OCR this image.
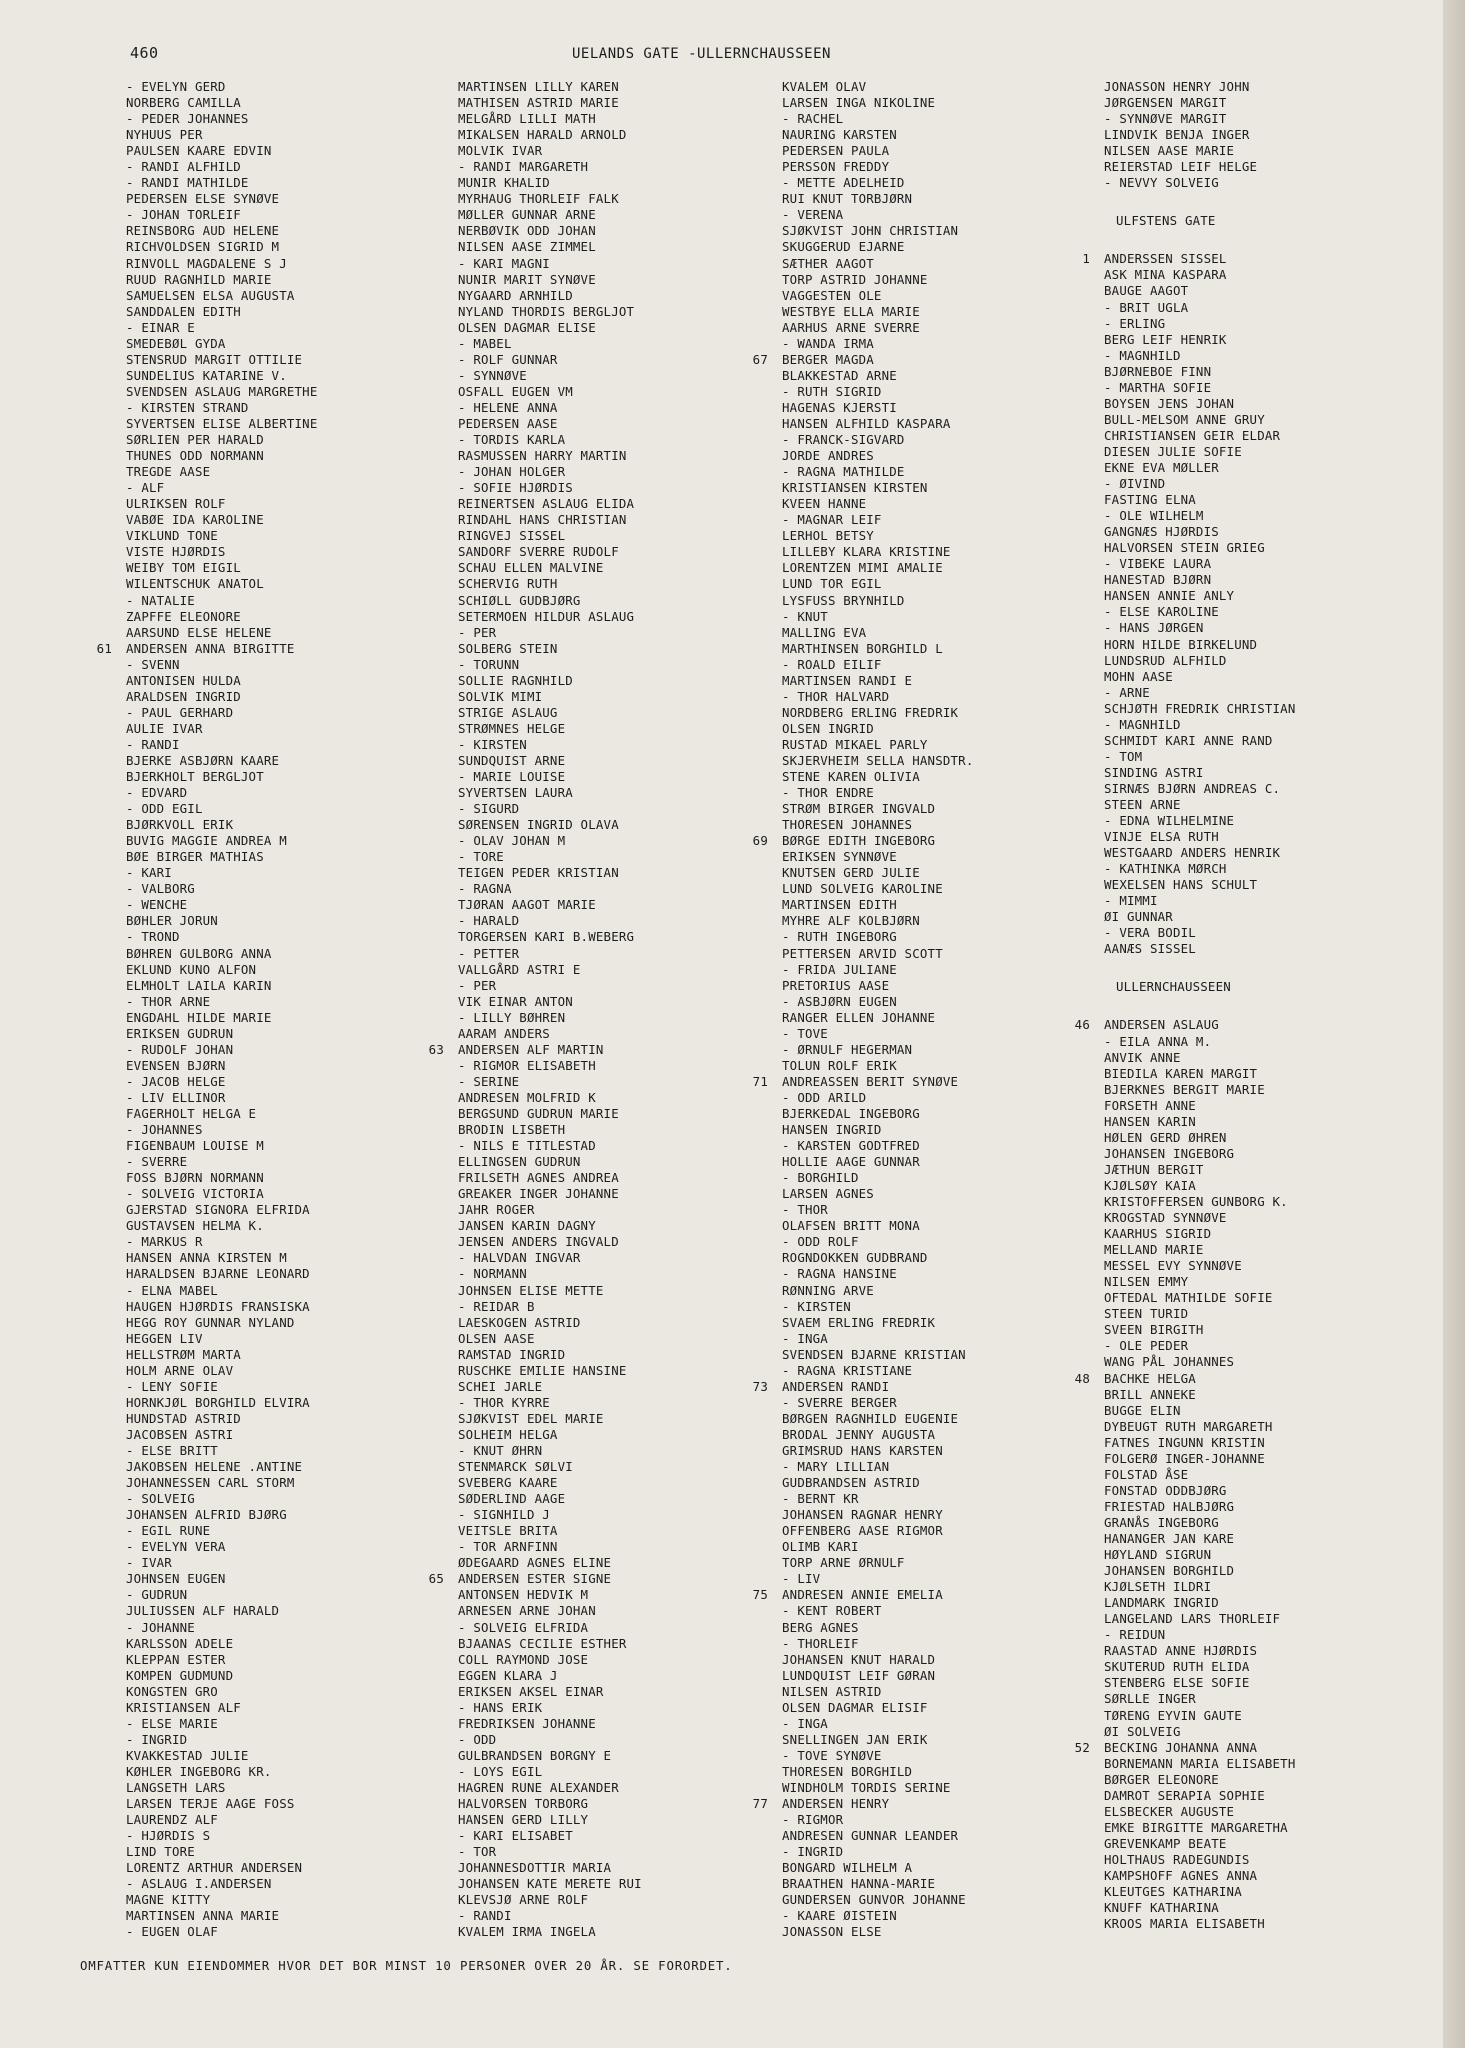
460	UELANDS GATE -ULLERNCHAUSSEEN
- EVELYN GERD
NORBERG CAMILLA
- PEDER JOHANNES
NYHUUS PER
PAULSEN KAARE EDVIN
- RANDI ALFHILD
- RANDI MATHILDE
PEDERSEN ELSE SYNØVE
- JOHAN TORLEIF
REINSBORG AUD HELENE
RICHVOLDSEN SIGRID M
RINVOLL MAGDALENE S J
RUUD RAGNHILD MARIE
SAMUELSEN ELSA AUGUSTA
SANDDALEN EDITH
- EINAR E
SMEDEBØL GYDA
STENSRUD MARGIT OTTILIE
SUNDELIUS KATARINE V.
SVENDSEN ASLAUG MARGRETHE
- KIRSTEN STRAND
SYVERTSEN ELISE ALBERTINE
SØRLIEN PER HARALD
THUNES ODD NORMANN
TREGDE AASE
- ALF
ULRIKSEN ROLF
VABØE IDA KAROLINE
VIKLUND TONE
VISTE HJØRDIS
WEIBY TOM EIGIL
WILENTSCHUK ANATOL
- NATALIE
ZAPFFE ELEONORE
AARSUND ELSE HELENE
61 ANDERSEN ANNA BIRGITTE
- SVENN
ANTONISEN HULDA
ARALDSEN INGRID
- PAUL GERHARD
AULIE IVAR
- RANDI
BJERKE ASBJØRN KAARE
BJERKHOLT BERGLJOT
- EDVARD
- ODD EGIL
BJØRKVOLL ERIK
BUVIG MAGGIE ANDREA M
BØE BIRGER MATHIAS
- KARI
- VALBORG
- WENCHE
BØHLER JORUN
- TROND
BØHREN GULBORG ANNA
EKLUND KUNO ALFON
ELMHOLT LAILA KARIN
- THOR ARNE
ENGDAHL HILDE MARIE
ERIKSEN GUDRUN
- RUDOLF JOHAN
EVENSEN BJØRN
- JACOB HELGE
- LIV ELLINOR
FAGERHOLT HELGA E
- JOHANNES
FIGENBAUM LOUISE M
- SVERRE
FOSS BJØRN NORMANN
- SOLVEIG VICTORIA
GJERSTAD SIGNORA ELFRIDA
GUSTAVSEN HELMA K.
- MARKUS R
HANSEN ANNA KIRSTEN M
HARALDSEN BJARNE LEONARD
- ELNA MABEL
HAUGEN HJØRDIS FRANSISKA
HEGG ROY GUNNAR NYLAND
HEGGEN LIV
HELLSTRØM MARTA
HOLM ARNE OLAV
- LENY SOFIE
HORNKJØL BORGHILD ELVIRA
HUNDSTAD ASTRID
JACOBSEN ASTRI
- ELSE BRITT
JAKOBSEN HELENE .ANTINE
JOHANNESSEN CARL STORM
- SOLVEIG
JOHANSEN ALFRID BJØRG
- EGIL RUNE
- EVELYN VERA
- IVAR
JOHNSEN EUGEN
- GUDRUN
JULIUSSEN ALF HARALD
- JOHANNE
KARLSSON ADELE
KLEPPAN ESTER
KOMPEN GUDMUND
KONGSTEN GRO
KRISTIANSEN ALF
- ELSE MARIE
- INGRID
KVAKKESTAD JULIE
KØHLER INGEBORG KR.
LANGSETH LARS
LARSEN TERJE AAGE FOSS
LAURENDZ ALF
- HJØRDIS S
LIND TORE
LORENTZ ARTHUR ANDERSEN
- ASLAUG I.ANDERSEN
MAGNE KITTY
MARTINSEN ANNA MARIE
- EUGEN OLAF
MARTINSEN LILLY KAREN
MATHISEN ASTRID MARIE
MELGÅRD LILLI MATH
MIKALSEN HARALD ARNOLD
MOLVIK IVAR
- RANDI MARGARETH
MUNIR KHALID
MYRHAUG THORLEIF FALK
MØLLER GUNNAR ARNE
NERBØVIK ODD JOHAN
NILSEN AASE ZIMMEL
- KARI MAGNI
NUNIR MARIT SYNØVE
NYGAARD ARNHILD
NYLAND THORDIS BERGLJOT
OLSEN DAGMAR ELISE
- MABEL
- ROLF GUNNAR
- SYNNØVE
OSFALL EUGEN VM
- HELENE ANNA
PEDERSEN AASE
- TORDIS KARLA
RASMUSSEN HARRY MARTIN
- JOHAN HOLGER
- SOFIE HJØRDIS
REINERTSEN ASLAUG ELIDA
RINDAHL HANS CHRISTIAN
RINGVEJ SISSEL
SANDORF SVERRE RUDOLF
SCHAU ELLEN MALVINE
SCHERVIG RUTH
SCHIØLL GUDBJØRG
SETERMOEN HILDUR ASLAUG
- PER
SOLBERG STEIN
- TORUNN
SOLLIE RAGNHILD
SOLVIK MIMI
STRIGE ASLAUG
STRØMNES HELGE
- KIRSTEN
SUNDQUIST ARNE
- MARIE LOUISE
SYVERTSEN LAURA
- SIGURD
SØRENSEN INGRID OLAVA
- OLAV JOHAN M
- TORE
TEIGEN PEDER KRISTIAN
- RAGNA
TJØRAN AAGOT MARIE
- HARALD
TORGERSEN KARI B.WEBERG
- PETTER
VALLGÅRD ASTRI E
- PER
VIK EINAR ANTON
- LILLY BØHREN
AARAM ANDERS
63 ANDERSEN ALF MARTIN
- RIGMOR ELISABETH
- SERINE
ANDRESEN MOLFRID K
BERGSUND GUDRUN MARIE
BRODIN LISBETH
- NILS E TITLESTAD
ELLINGSEN GUDRUN
FRILSETH AGNES ANDREA
GREAKER INGER JOHANNE
JAHR ROGER
JANSEN KARIN DAGNY
JENSEN ANDERS INGVALD
- HALVDAN INGVAR
- NORMANN
JOHNSEN ELISE METTE
- REIDAR B
LAESKOGEN ASTRID
OLSEN AASE
RAMSTAD INGRID
RUSCHKE EMILIE HANSINE
SCHEI JARLE
- THOR KYRRE
SJØKVIST EDEL MARIE
SOLHEIM HELGA
- KNUT ØHRN
STENMARCK SØLVI
SVEBERG KAARE
SØDERLIND AAGE
- SIGNHILD J
VEITSLE BRITA
- TOR ARNFINN
ØDEGAARD AGNES ELINE
65 ANDERSEN ESTER SIGNE
ANTONSEN HEDVIK M
ARNESEN ARNE JOHAN
- SOLVEIG ELFRIDA
BJAANAS CECILIE ESTHER
COLL RAYMOND JOSE
EGGEN KLARA J
ERIKSEN AKSEL EINAR
- HANS ERIK
FREDRIKSEN JOHANNE
- ODD
GULBRANDSEN BORGNY E
- LOYS EGIL
HAGREN RUNE ALEXANDER
HALVORSEN TORBORG
HANSEN GERD LILLY
- KARI ELISABET
- TOR
JOHANNESDOTTIR MARIA
JOHANSEN KATE MERETE RUI
KLEVSJØ ARNE ROLF
- RANDI
KVALEM IRMA INGELA
KVALEM OLAV
LARSEN INGA NIKOLINE
- RACHEL
NAURING KARSTEN
PEDERSEN PAULA
PERSSON FREDDY
- METTE ADELHEID
RUI KNUT TORBJØRN
- VERENA
SJØKVIST JOHN CHRISTIAN
SKUGGERUD EJARNE
SÆTHER AAGOT
TORP ASTRID JOHANNE
VAGGESTEN OLE
WESTBYE ELLA MARIE
AARHUS ARNE SVERRE
- WANDA IRMA
67 BERGER MAGDA
BLAKKESTAD ARNE
- RUTH SIGRID
HAGENAS KJERSTI
HANSEN ALFHILD KASPARA
- FRANCK-SIGVARD
JORDE ANDRES
- RAGNA MATHILDE
KRISTIANSEN KIRSTEN
KVEEN HANNE
- MAGNAR LEIF
LERHOL BETSY
LILLEBY KLARA KRISTINE
LORENTZEN MIMI AMALIE
LUND TOR EGIL
LYSFUSS BRYNHILD
- KNUT
MALLING EVA
MARTHINSEN BORGHILD L
- ROALD EILIF
MARTINSEN RANDI E
- THOR HALVARD
NORDBERG ERLING FREDRIK
OLSEN INGRID
RUSTAD MIKAEL PARLY
SKJERVHEIM SELLA HANSDTR.
STENE KAREN OLIVIA
- THOR ENDRE
STRØM BIRGER INGVALD
THORESEN JOHANNES
69 BØRGE EDITH INGEBORG
ERIKSEN SYNNØVE
KNUTSEN GERD JULIE
LUND SOLVEIG KAROLINE
MARTINSEN EDITH
MYHRE ALF KOLBJØRN
- RUTH INGEBORG
PETTERSEN ARVID SCOTT
- FRIDA JULIANE
PRETORIUS AASE
- ASBJØRN EUGEN
RANGER ELLEN JOHANNE
- TOVE
- ØRNULF HEGERMAN
TOLUN ROLF ERIK
71 ANDREASSEN BERIT SYNØVE
- ODD ARILD
BJERKEDAL INGEBORG
HANSEN INGRID
- KARSTEN GODTFRED
HOLLIE AAGE GUNNAR
- BORGHILD
LARSEN AGNES
- THOR
OLAFSEN BRITT MONA
- ODD ROLF
ROGNDOKKEN GUDBRAND
- RAGNA HANSINE
RØNNING ARVE
- KIRSTEN
SVAEM ERLING FREDRIK
- INGA
SVENDSEN BJARNE KRISTIAN
- RAGNA KRISTIANE
73 ANDERSEN RANDI
- SVERRE BERGER
BØRGEN RAGNHILD EUGENIE
BRODAL JENNY AUGUSTA
GRIMSRUD HANS KARSTEN
- MARY LILLIAN
GUDBRANDSEN ASTRID
- BERNT KR
JOHANSEN RAGNAR HENRY
OFFENBERG AASE RIGMOR
OLIMB KARI
TORP ARNE ØRNULF
- LIV
75 ANDRESEN ANNIE EMELIA
- KENT ROBERT
BERG AGNES
- THORLEIF
JOHANSEN KNUT HARALD
LUNDQUIST LEIF GØRAN
NILSEN ASTRID
OLSEN DAGMAR ELISIF
- INGA
SNELLINGEN JAN ERIK
- TOVE SYNØVE
THORESEN BORGHILD
WINDHOLM TORDIS SERINE
77 ANDERSEN HENRY
- RIGMOR
ANDRESEN GUNNAR LEANDER
- INGRID
BONGARD WILHELM A
BRAATHEN HANNA-MARIE
GUNDERSEN GUNVOR JOHANNE
- KAARE ØISTEIN
JONASSON ELSE
JONASSON HENRY JOHN
JØRGENSEN MARGIT
- SYNNØVE MARGIT
LINDVIK BENJA INGER
NILSEN AASE MARIE
REIERSTAD LEIF HELGE
- NEVVY SOLVEIG
ULFSTENS GATE
1 ANDERSSEN SISSEL
ASK MINA KASPARA
BAUGE AAGOT
- BRIT UGLA
- ERLING
BERG LEIF HENRIK
- MAGNHILD
BJØRNEBOE FINN
- MARTHA SOFIE
BOYSEN JENS JOHAN
BULL-MELSOM ANNE GRUY
CHRISTIANSEN GEIR ELDAR
DIESEN JULIE SOFIE
EKNE EVA MØLLER
- ØIVIND
FASTING ELNA
- OLE WILHELM
GANGNÆS HJØRDIS
HALVORSEN STEIN GRIEG
- VIBEKE LAURA
HANESTAD BJØRN
HANSEN ANNIE ANLY
- ELSE KAROLINE
- HANS JØRGEN
HORN HILDE BIRKELUND
LUNDSRUD ALFHILD
MOHN AASE
- ARNE
SCHJØTH FREDRIK CHRISTIAN
- MAGNHILD
SCHMIDT KARI ANNE RAND
- TOM
SINDING ASTRI
SIRNÆS BJØRN ANDREAS C.
STEEN ARNE
- EDNA WILHELMINE
VINJE ELSA RUTH
WESTGAARD ANDERS HENRIK
- KATHINKA MØRCH
WEXELSEN HANS SCHULT
- MIMMI
ØI GUNNAR
- VERA BODIL
AANÆS SISSEL
ULLERNCHAUSSEEN
46 ANDERSEN ASLAUG
- EILA ANNA M.
ANVIK ANNE
BIEDILA KAREN MARGIT
BJERKNES BERGIT MARIE
FORSETH ANNE
HANSEN KARIN
HØLEN GERD ØHREN
JOHANSEN INGEBORG
JÆTHUN BERGIT
KJØLSØY KAIA
KRISTOFFERSEN GUNBORG K.
KROGSTAD SYNNØVE
KAARHUS SIGRID
MELLAND MARIE
MESSEL EVY SYNNØVE
NILSEN EMMY
OFTEDAL MATHILDE SOFIE
STEEN TURID
SVEEN BIRGITH
- OLE PEDER
WANG PÅL JOHANNES
48 BACHKE HELGA
BRILL ANNEKE
BUGGE ELIN
DYBEUGT RUTH MARGARETH
FATNES INGUNN KRISTIN
FOLGERØ INGER-JOHANNE
FOLSTAD ÅSE
FONSTAD ODDBJØRG
FRIESTAD HALBJØRG
GRANÅS INGEBORG
HANANGER JAN KARE
HØYLAND SIGRUN
JOHANSEN BORGHILD
KJØLSETH ILDRI
LANDMARK INGRID
LANGELAND LARS THORLEIF
- REIDUN
RAASTAD ANNE HJØRDIS
SKUTERUD RUTH ELIDA
STENBERG ELSE SOFIE
SØRLLE INGER
TØRENG EYVIN GAUTE
ØI SOLVEIG
52 BECKING JOHANNA ANNA
BORNEMANN MARIA ELISABETH
BØRGER ELEONORE
DAMROT SERAPIA SOPHIE
ELSBECKER AUGUSTE
EMKE BIRGITTE MARGARETHA
GREVENKAMP BEATE
HOLTHAUS RADEGUNDIS
KAMPSHOFF AGNES ANNA
KLEUTGES KATHARINA
KNUFF KATHARINA
KROOS MARIA ELISABETH
OMFATTER KUN EIENDOMMER HVOR DET BOR MINST 10 PERSONER OVER 20 ÅR. SE FORORDET.
